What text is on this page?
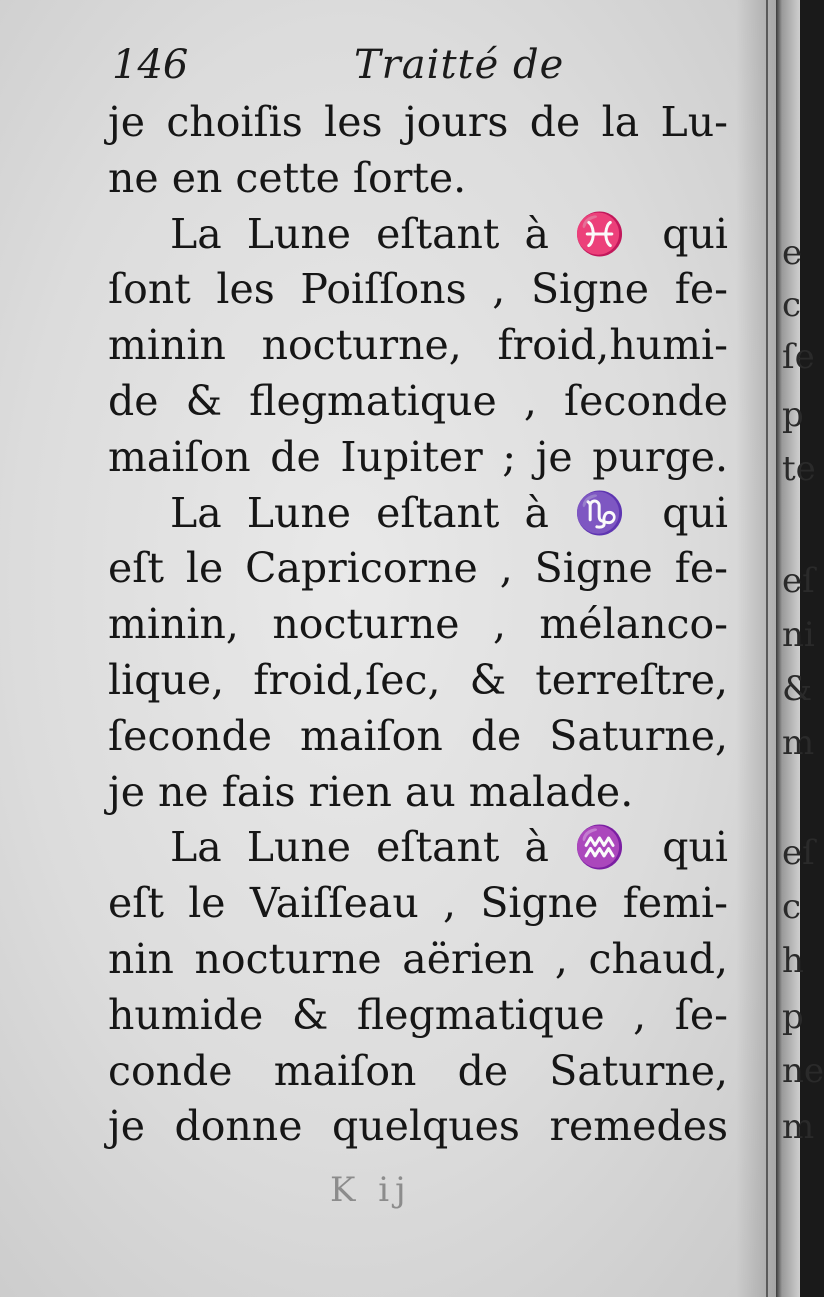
146	Traitté de
je choiſis les jours de la Lu-
ne en cette ſorte.
La Lune eſtant à ♓ qui
ſont les Poiſſons , Signe fe-
minin nocturne, froid,humi-
de & flegmatique , ſeconde
maiſon de Iupiter ; je purge.
La Lune eſtant à ♑ qui
eſt le Capricorne , Signe fe-
minin, nocturne , mélanco-
lique, froid,ſec, & terreſtre,
ſeconde maiſon de Saturne,
je ne fais rien au malade.
La Lune eſtant à ♒ qui
eſt le Vaiſſeau , Signe femi-
nin nocturne aërien , chaud,
humide & flegmatique , ſe-
conde maiſon de Saturne,
je donne quelques remedes
K ij
e
c
ſe
p
te
eſ
ni
&
m
eſ
c
h
p
ne
m
